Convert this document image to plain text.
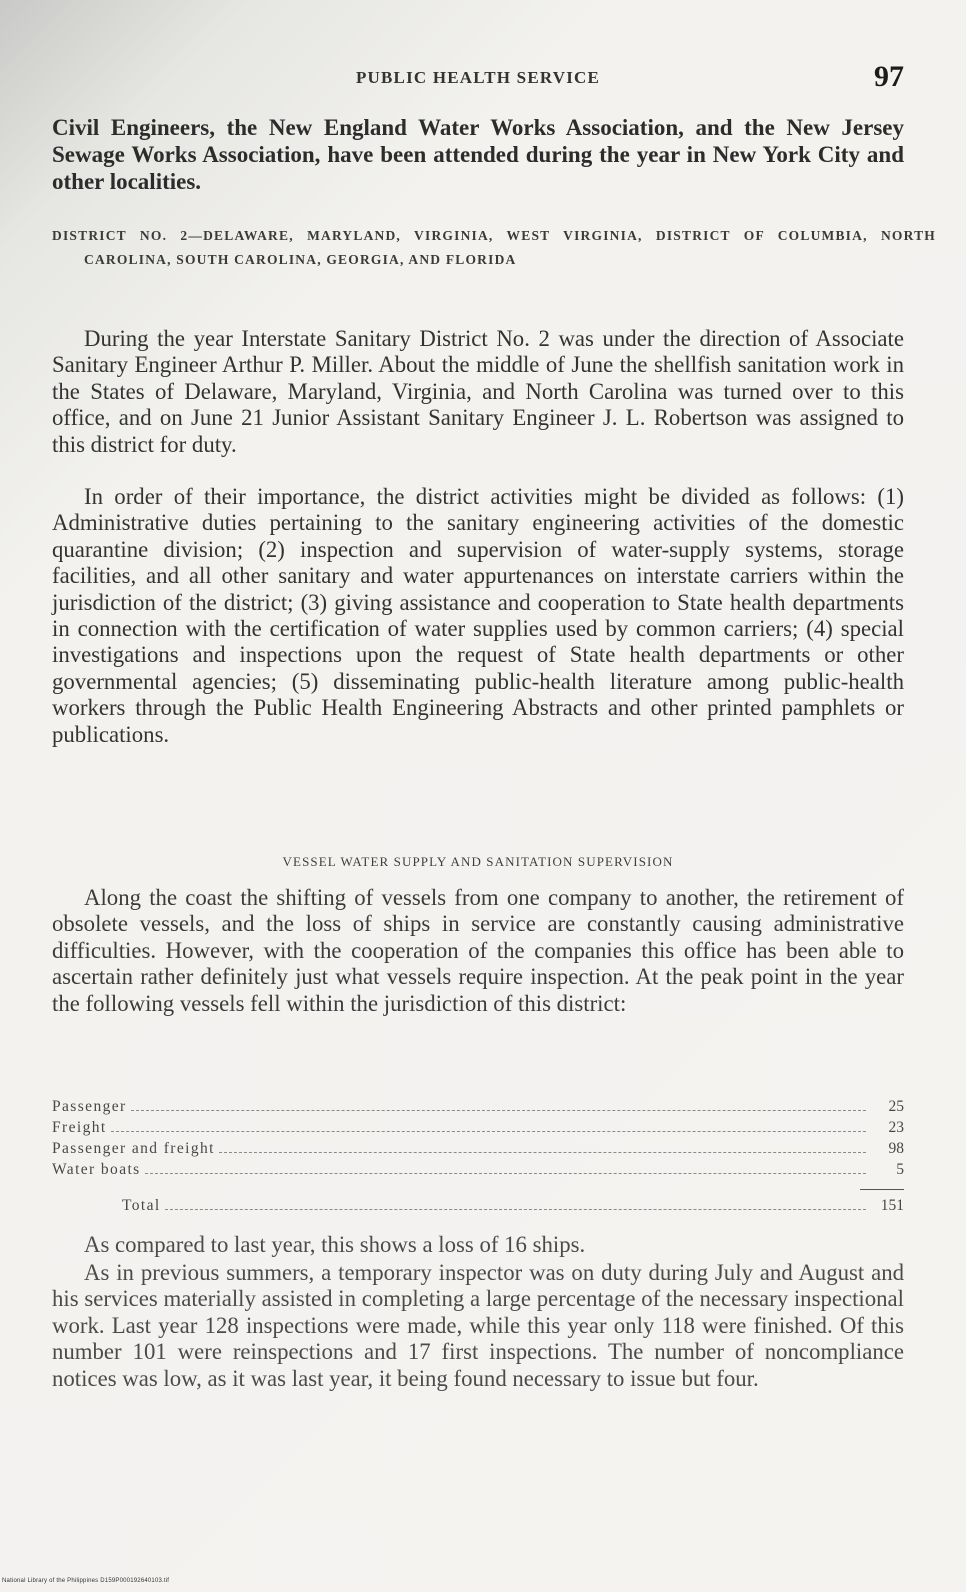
PUBLIC HEALTH SERVICE	97

Civil Engineers, the New England Water Works Association, and the New Jersey Sewage Works Association, have been attended during the year in New York City and other localities.

DISTRICT NO. 2—DELAWARE, MARYLAND, VIRGINIA, WEST VIRGINIA, DISTRICT OF COLUMBIA, NORTH CAROLINA, SOUTH CAROLINA, GEORGIA, AND FLORIDA

During the year Interstate Sanitary District No. 2 was under the direction of Associate Sanitary Engineer Arthur P. Miller. About the middle of June the shellfish sanitation work in the States of Delaware, Maryland, Virginia, and North Carolina was turned over to this office, and on June 21 Junior Assistant Sanitary Engineer J. L. Robertson was assigned to this district for duty.

In order of their importance, the district activities might be divided as follows: (1) Administrative duties pertaining to the sanitary engineering activities of the domestic quarantine division; (2) inspection and supervision of water-supply systems, storage facilities, and all other sanitary and water appurtenances on interstate carriers within the jurisdiction of the district; (3) giving assistance and cooperation to State health departments in connection with the certification of water supplies used by common carriers; (4) special investigations and inspections upon the request of State health departments or other governmental agencies; (5) disseminating public-health literature among public-health workers through the Public Health Engineering Abstracts and other printed pamphlets or publications.

VESSEL WATER SUPPLY AND SANITATION SUPERVISION

Along the coast the shifting of vessels from one company to another, the retirement of obsolete vessels, and the loss of ships in service are constantly causing administrative difficulties. However, with the cooperation of the companies this office has been able to ascertain rather definitely just what vessels require inspection. At the peak point in the year the following vessels fell within the jurisdiction of this district:

Passenger	25
Freight	23
Passenger and freight	98
Water boats	5
Total	151

As compared to last year, this shows a loss of 16 ships.

As in previous summers, a temporary inspector was on duty during July and August and his services materially assisted in completing a large percentage of the necessary inspectional work. Last year 128 inspections were made, while this year only 118 were finished. Of this number 101 were reinspections and 17 first inspections. The number of noncompliance notices was low, as it was last year, it being found necessary to issue but four.

National Library of the Philippines D159P000192640103.tif
